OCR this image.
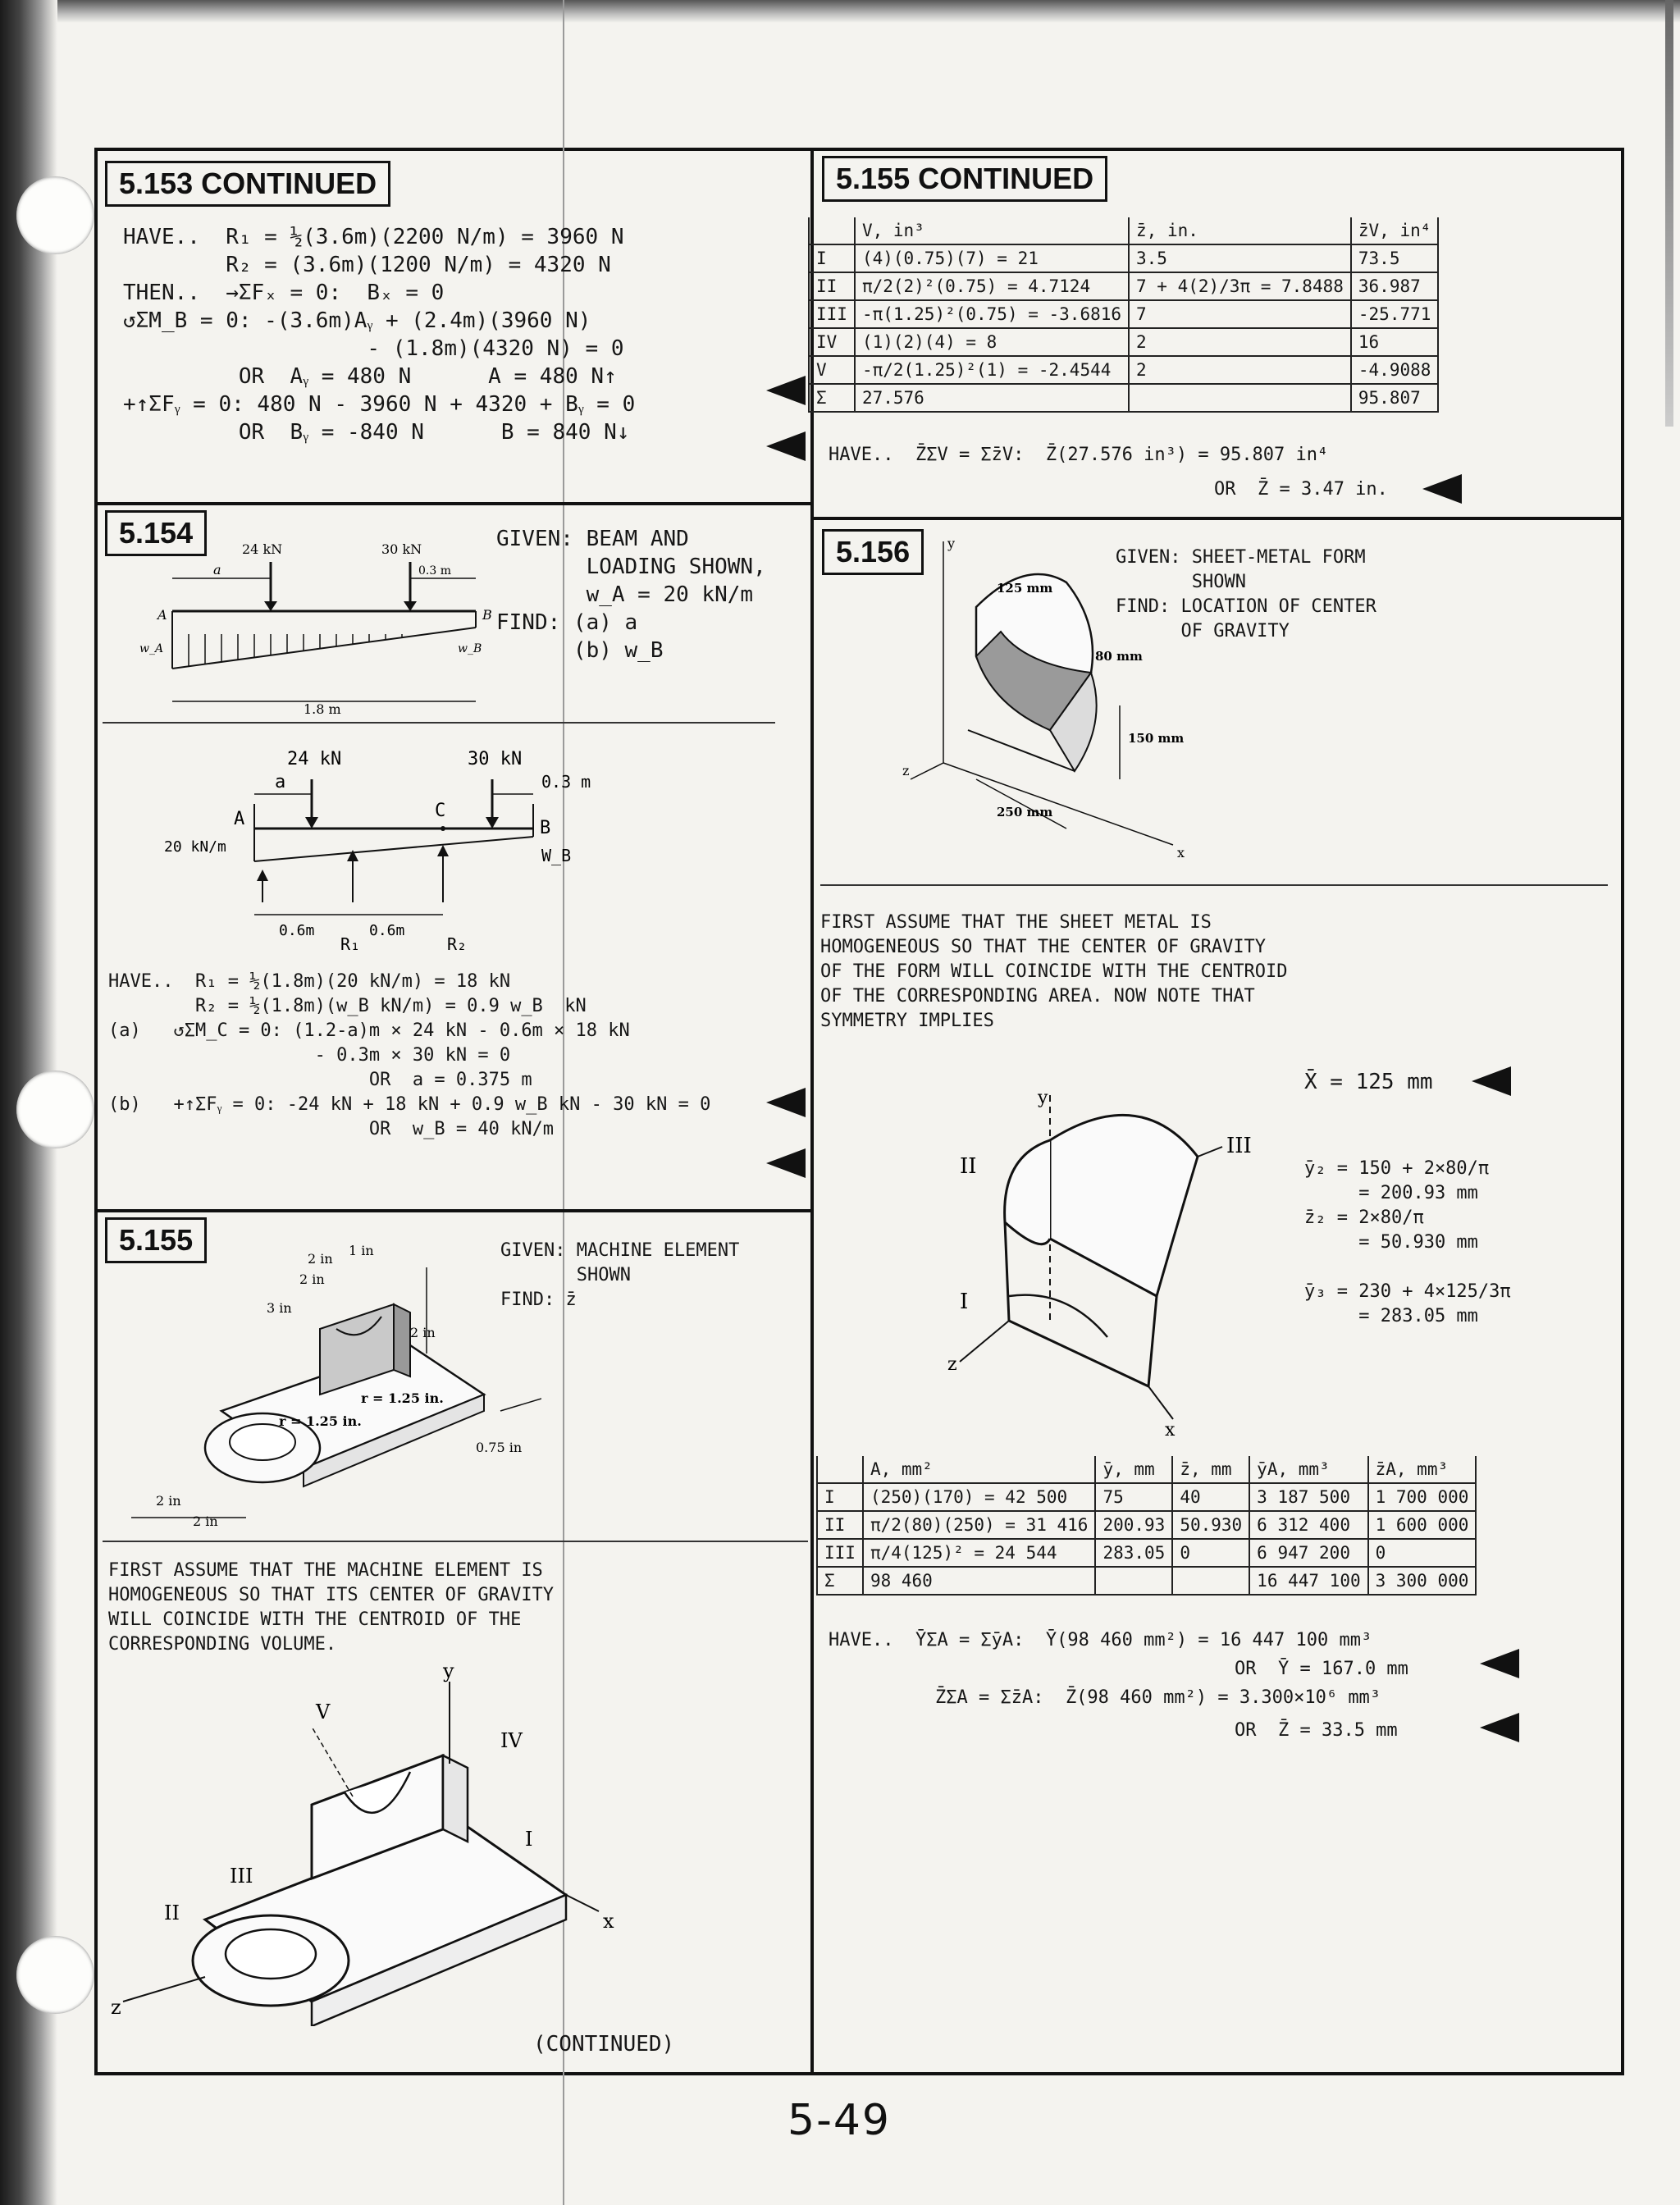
5.153 CONTINUED
HAVE..  R₁ = ½(3.6m)(2200 N/m) = 3960 N
R₂ = (3.6m)(1200 N/m) = 4320 N
THEN..  →ΣFₓ = 0:  Bₓ = 0
↺ΣM_B = 0: -(3.6m)Aᵧ + (2.4m)(3960 N)
- (1.8m)(4320 N) = 0
OR  Aᵧ = 480 N      A = 480 N↑
+↑ΣFᵧ = 0: 480 N - 3960 N + 4320 + Bᵧ = 0
OR  Bᵧ = -840 N      B = 840 N↓
5.154	GIVEN: BEAM AND
LOADING SHOWN,
w_A = 20 kN/m
FIND: (a) a
(b) w_B
24 kN	30 kN
a	0.3 m
A	B
w_A	w_B
1.8 m
24 kN	30 kN
a	0.3 m
C
A	B
20 kN/m	W_B
0.6m	0.6m
R₁	R₂
HAVE..  R₁ = ½(1.8m)(20 kN/m) = 18 kN
R₂ = ½(1.8m)(w_B kN/m) = 0.9 w_B  kN
(a)   ↺ΣM_C = 0: (1.2-a)m × 24 kN - 0.6m × 18 kN
- 0.3m × 30 kN = 0
OR  a = 0.375 m
(b)   +↑ΣFᵧ = 0: -24 kN + 18 kN + 0.9 w_B kN - 30 kN = 0
OR  w_B = 40 kN/m
5.155	GIVEN: MACHINE ELEMENT
SHOWN
FIND: z̄
1 in
2 in
2 in
3 in
2 in
r = 1.25 in.
r = 1.25 in.
0.75 in
2 in
2 in
FIRST ASSUME THAT THE MACHINE ELEMENT IS
HOMOGENEOUS SO THAT ITS CENTER OF GRAVITY
WILL COINCIDE WITH THE CENTROID OF THE
CORRESPONDING VOLUME.
y
x
z
I
II
III
IV
V
(CONTINUED)
5.155 CONTINUED
	V, in³	z̄, in.	z̄V, in⁴
I	(4)(0.75)(7) = 21	3.5	73.5
II	π/2(2)²(0.75) = 4.7124	7 + 4(2)/3π = 7.8488	36.987
III	-π(1.25)²(0.75) = -3.6816	7	-25.771
IV	(1)(2)(4) = 8	2	16
V	-π/2(1.25)²(1) = -2.4544	2	-4.9088
Σ	27.576		95.807
HAVE..  Z̄ΣV = Σz̄V:  Z̄(27.576 in³) = 95.807 in⁴
OR  Z̄ = 3.47 in.
5.156	GIVEN: SHEET-METAL FORM
SHOWN
FIND: LOCATION OF CENTER
OF GRAVITY
y
z
x
125 mm
80 mm
150 mm
250 mm
FIRST ASSUME THAT THE SHEET METAL IS
HOMOGENEOUS SO THAT THE CENTER OF GRAVITY
OF THE FORM WILL COINCIDE WITH THE CENTROID
OF THE CORRESPONDING AREA. NOW NOTE THAT
SYMMETRY IMPLIES
X̄ = 125 mm
y
x
z
I
II
III
ȳ₂ = 150 + 2×80/π
= 200.93 mm
z̄₂ = 2×80/π
= 50.930 mm

ȳ₃ = 230 + 4×125/3π
= 283.05 mm
	A, mm²	ȳ, mm	z̄, mm	ȳA, mm³	z̄A, mm³
I	(250)(170) = 42 500	75	40	3 187 500	1 700 000
II	π/2(80)(250) = 31 416	200.93	50.930	6 312 400	1 600 000
III	π/4(125)² = 24 544	283.05	0	6 947 200	0
Σ	98 460			16 447 100	3 300 000
HAVE..  ȲΣA = ΣȳA:  Ȳ(98 460 mm²) = 16 447 100 mm³
OR  Ȳ = 167.0 mm
Z̄ΣA = Σz̄A:  Z̄(98 460 mm²) = 3.300×10⁶ mm³
OR  Z̄ = 33.5 mm
5-49
